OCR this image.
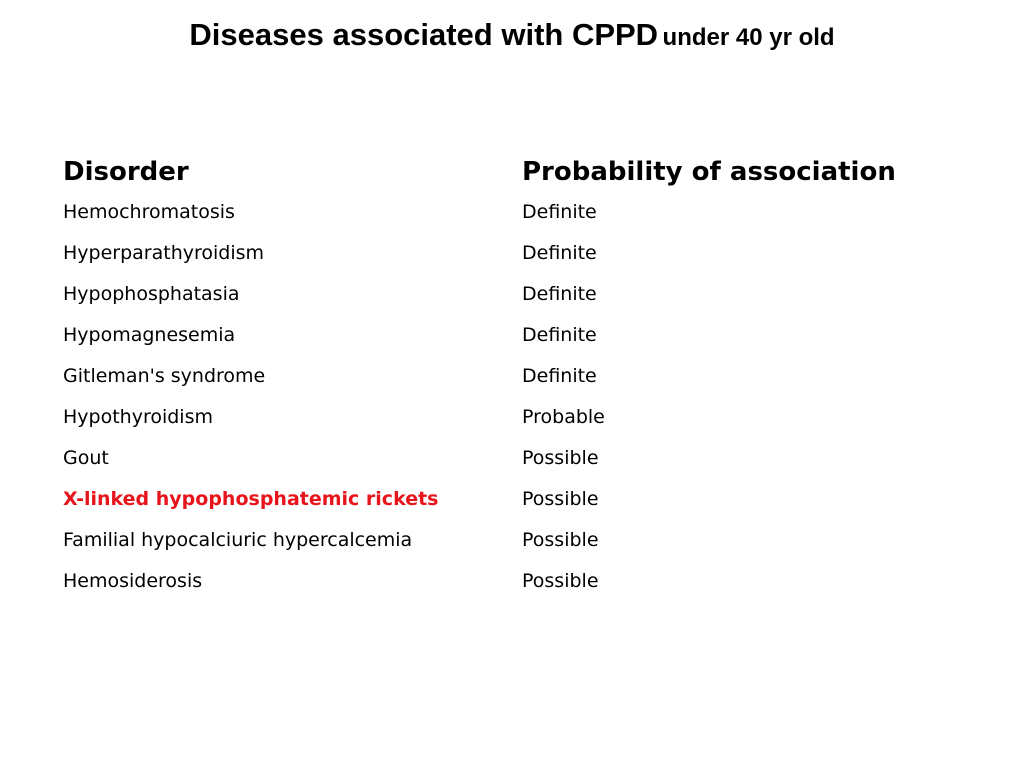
Diseases associated with CPPD under 40 yr old
Disorder	Probability of association
Hemochromatosis	Definite
Hyperparathyroidism	Definite
Hypophosphatasia	Definite
Hypomagnesemia	Definite
Gitleman's syndrome	Definite
Hypothyroidism	Probable
Gout	Possible
X-linked hypophosphatemic rickets	Possible
Familial hypocalciuric hypercalcemia	Possible
Hemosiderosis	Possible
